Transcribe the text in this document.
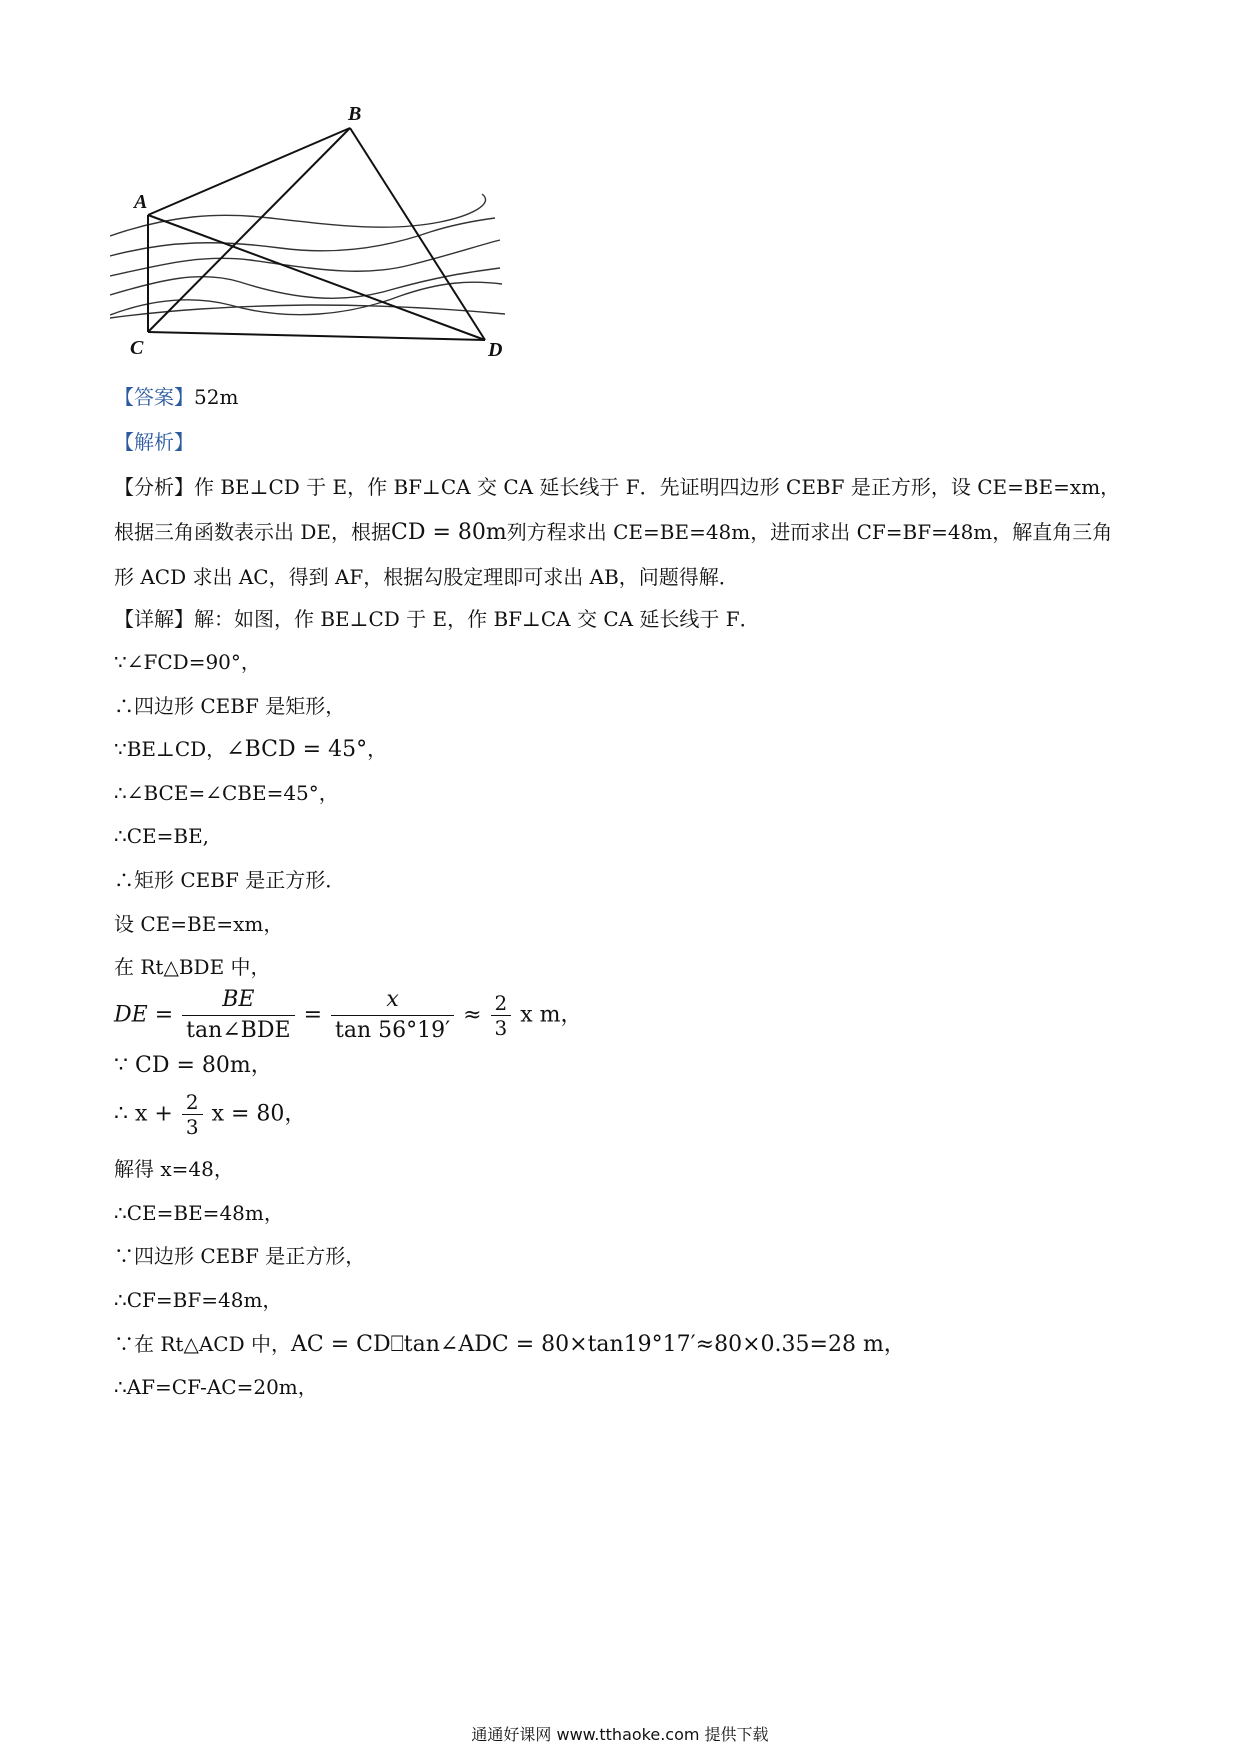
B
A
C	D
【答案】52m
【解析】
【分析】作 BE⊥CD 于 E，作 BF⊥CA 交 CA 延长线于 F．先证明四边形 CEBF 是正方形，设 CE=BE=xm，
根据三角函数表示出 DE，根据CD = 80m列方程求出 CE=BE=48m，进而求出 CF=BF=48m，解直角三角
形 ACD 求出 AC，得到 AF，根据勾股定理即可求出 AB，问题得解．
【详解】解：如图，作 BE⊥CD 于 E，作 BF⊥CA 交 CA 延长线于 F．
∵∠FCD=90°，
∴四边形 CEBF 是矩形，
∵BE⊥CD，∠BCD = 45°，
∴∠BCE=∠CBE=45°，
∴CE=BE,
∴矩形 CEBF 是正方形．
设 CE=BE=xm，
在 Rt△BDE 中，
DE = $\frac{BE}{\text{tan∠BDE}} = \frac{x}{\tan 56^\circ 19'} \approx \frac{2}{3}$ x m，
∵ CD = 80m，
∴ $x + \frac{2}{3}$ x = 80，
解得 x=48，
∴CE=BE=48m，
∵四边形 CEBF 是正方形，
∴CF=BF=48m，
∵在 Rt△ACD 中，AC = CD⎕tan∠ADC = 80×tan19°17′≈80×0.35=28 m，
∴AF=CF-AC=20m，
通通好课网 www.tthaoke.com 提供下载
